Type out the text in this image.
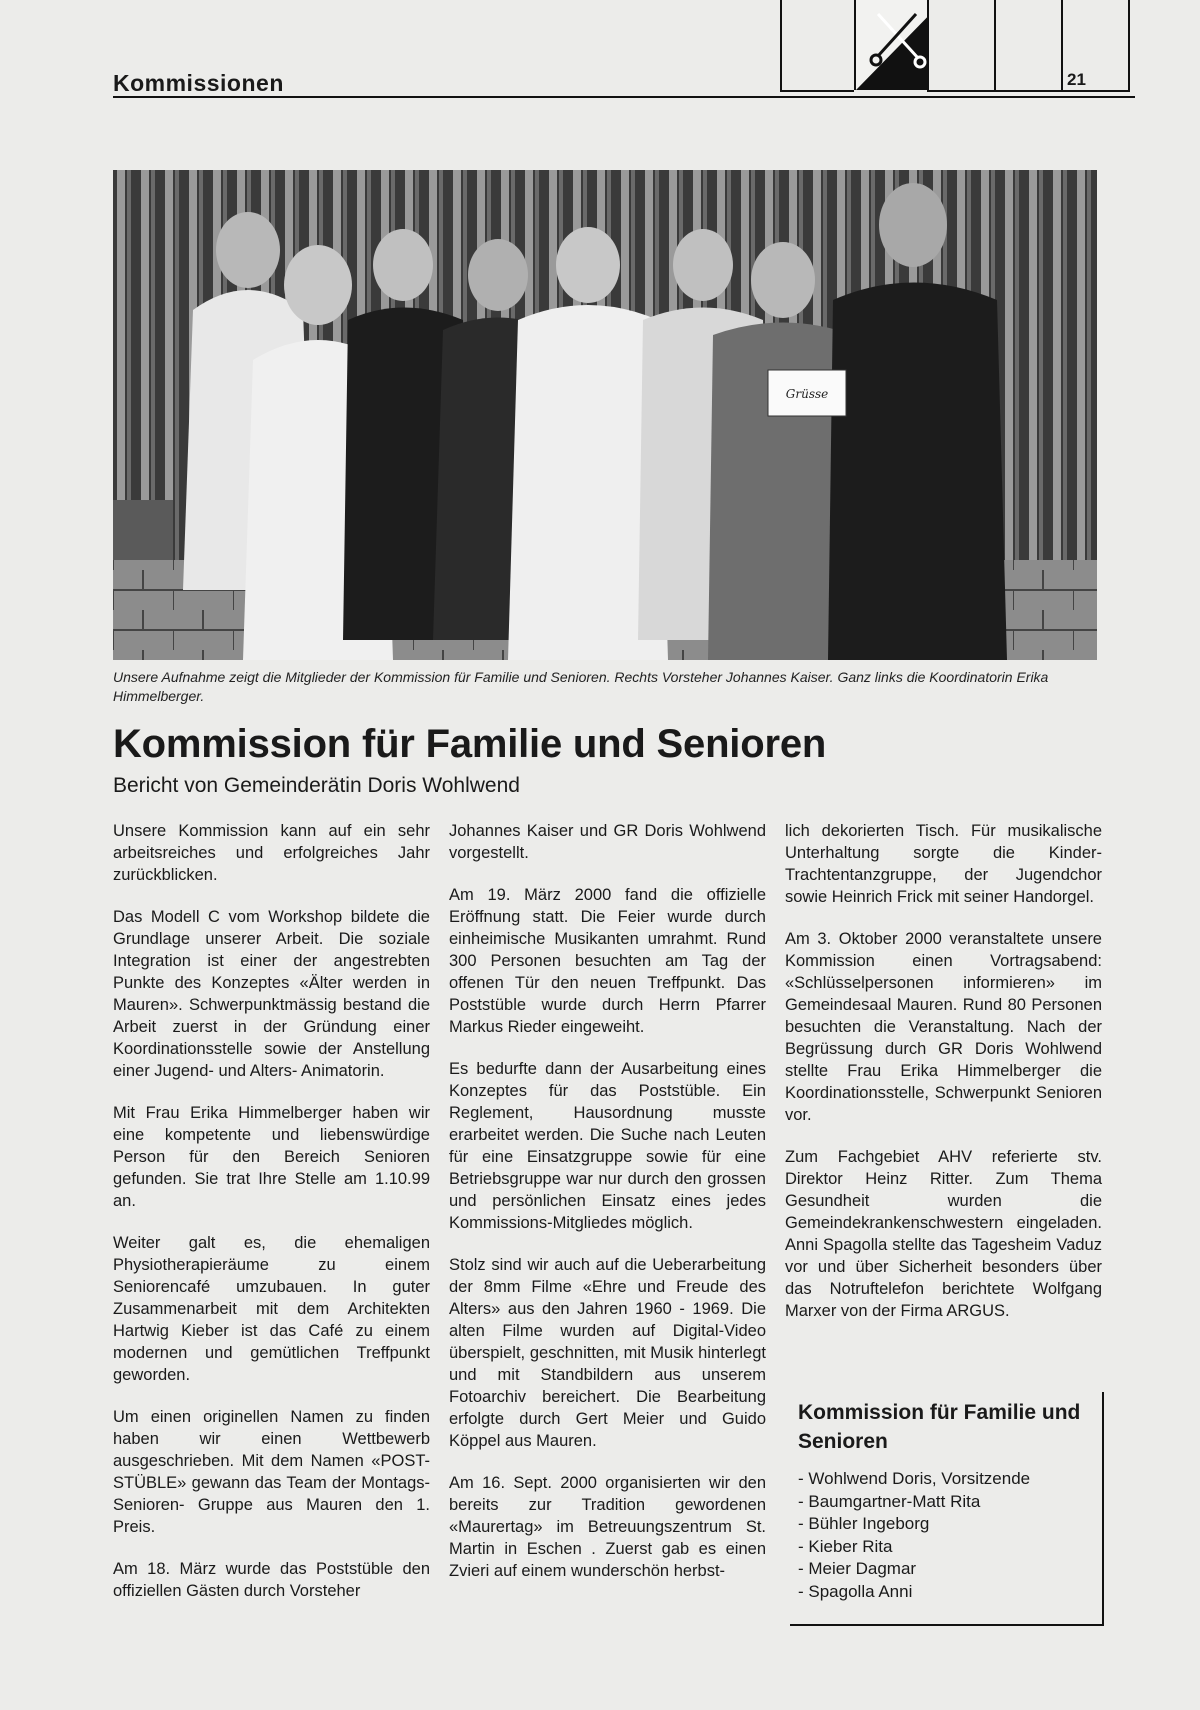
Kommissionen	21
Grüsse
Unsere Aufnahme zeigt die Mitglieder der Kommission für Familie und Senioren. Rechts Vorsteher Johannes Kaiser. Ganz links die Koordinatorin Erika Himmelberger.
Kommission für Familie und Senioren
Bericht von Gemeinderätin Doris Wohlwend

Unsere Kommission kann auf ein sehr arbeitsreiches und erfolgreiches Jahr zurückblicken.

Das Modell C vom Workshop bildete die Grundlage unserer Arbeit. Die soziale Integration ist einer der angestrebten Punkte des Konzeptes «Älter werden in Mauren». Schwerpunktmässig bestand die Arbeit zuerst in der Gründung einer Koordinationsstelle sowie der Anstellung einer Jugend- und Alters- Animatorin.

Mit Frau Erika Himmelberger haben wir eine kompetente und liebenswürdige Person für den Bereich Senioren gefunden. Sie trat Ihre Stelle am 1.10.99 an.

Weiter galt es, die ehemaligen Physiotherapieräume zu einem Seniorencafé umzubauen. In guter Zusammenarbeit mit dem Architekten Hartwig Kieber ist das Café zu einem modernen und gemütlichen Treffpunkt geworden.

Um einen originellen Namen zu finden haben wir einen Wettbewerb ausgeschrieben. Mit dem Namen «POST-STÜBLE» gewann das Team der Montags- Senioren- Gruppe aus Mauren den 1. Preis.

Am 18. März wurde das Poststüble den offiziellen Gästen durch Vorsteher

Johannes Kaiser und GR Doris Wohlwend vorgestellt.

Am 19. März 2000 fand die offizielle Eröffnung statt. Die Feier wurde durch einheimische Musikanten umrahmt. Rund 300 Personen besuchten am Tag der offenen Tür den neuen Treffpunkt. Das Poststüble wurde durch Herrn Pfarrer Markus Rieder eingeweiht.

Es bedurfte dann der Ausarbeitung eines Konzeptes für das Poststüble. Ein Reglement, Hausordnung musste erarbeitet werden. Die Suche nach Leuten für eine Einsatzgruppe sowie für eine Betriebsgruppe war nur durch den grossen und persönlichen Einsatz eines jedes Kommissions-Mitgliedes möglich.

Stolz sind wir auch auf die Ueberarbeitung der 8mm Filme «Ehre und Freude des Alters» aus den Jahren 1960 - 1969. Die alten Filme wurden auf Digital-Video überspielt, geschnitten, mit Musik hinterlegt und mit Standbildern aus unserem Fotoarchiv bereichert. Die Bearbeitung erfolgte durch Gert Meier und Guido Köppel aus Mauren.

Am 16. Sept. 2000 organisierten wir den bereits zur Tradition gewordenen «Maurertag» im Betreuungszentrum St. Martin in Eschen . Zuerst gab es einen Zvieri auf einem wunderschön herbst-

lich dekorierten Tisch. Für musikalische Unterhaltung sorgte die Kinder-Trachtentanzgruppe, der Jugendchor sowie Heinrich Frick mit seiner Handorgel.

Am 3. Oktober 2000 veranstaltete unsere Kommission einen Vortragsabend: «Schlüsselpersonen informieren» im Gemeindesaal Mauren. Rund 80 Personen besuchten die Veranstaltung. Nach der Begrüssung durch GR Doris Wohlwend stellte Frau Erika Himmelberger die Koordinationsstelle, Schwerpunkt Senioren vor.

Zum Fachgebiet AHV referierte stv. Direktor Heinz Ritter. Zum Thema Gesundheit wurden die Gemeindekrankenschwestern eingeladen. Anni Spagolla stellte das Tagesheim Vaduz vor und über Sicherheit besonders über das Notruftelefon berichtete Wolfgang Marxer von der Firma ARGUS.

Kommission für Familie und Senioren
- Wohlwend Doris, Vorsitzende
- Baumgartner-Matt Rita
- Bühler Ingeborg
- Kieber Rita
- Meier Dagmar
- Spagolla Anni
